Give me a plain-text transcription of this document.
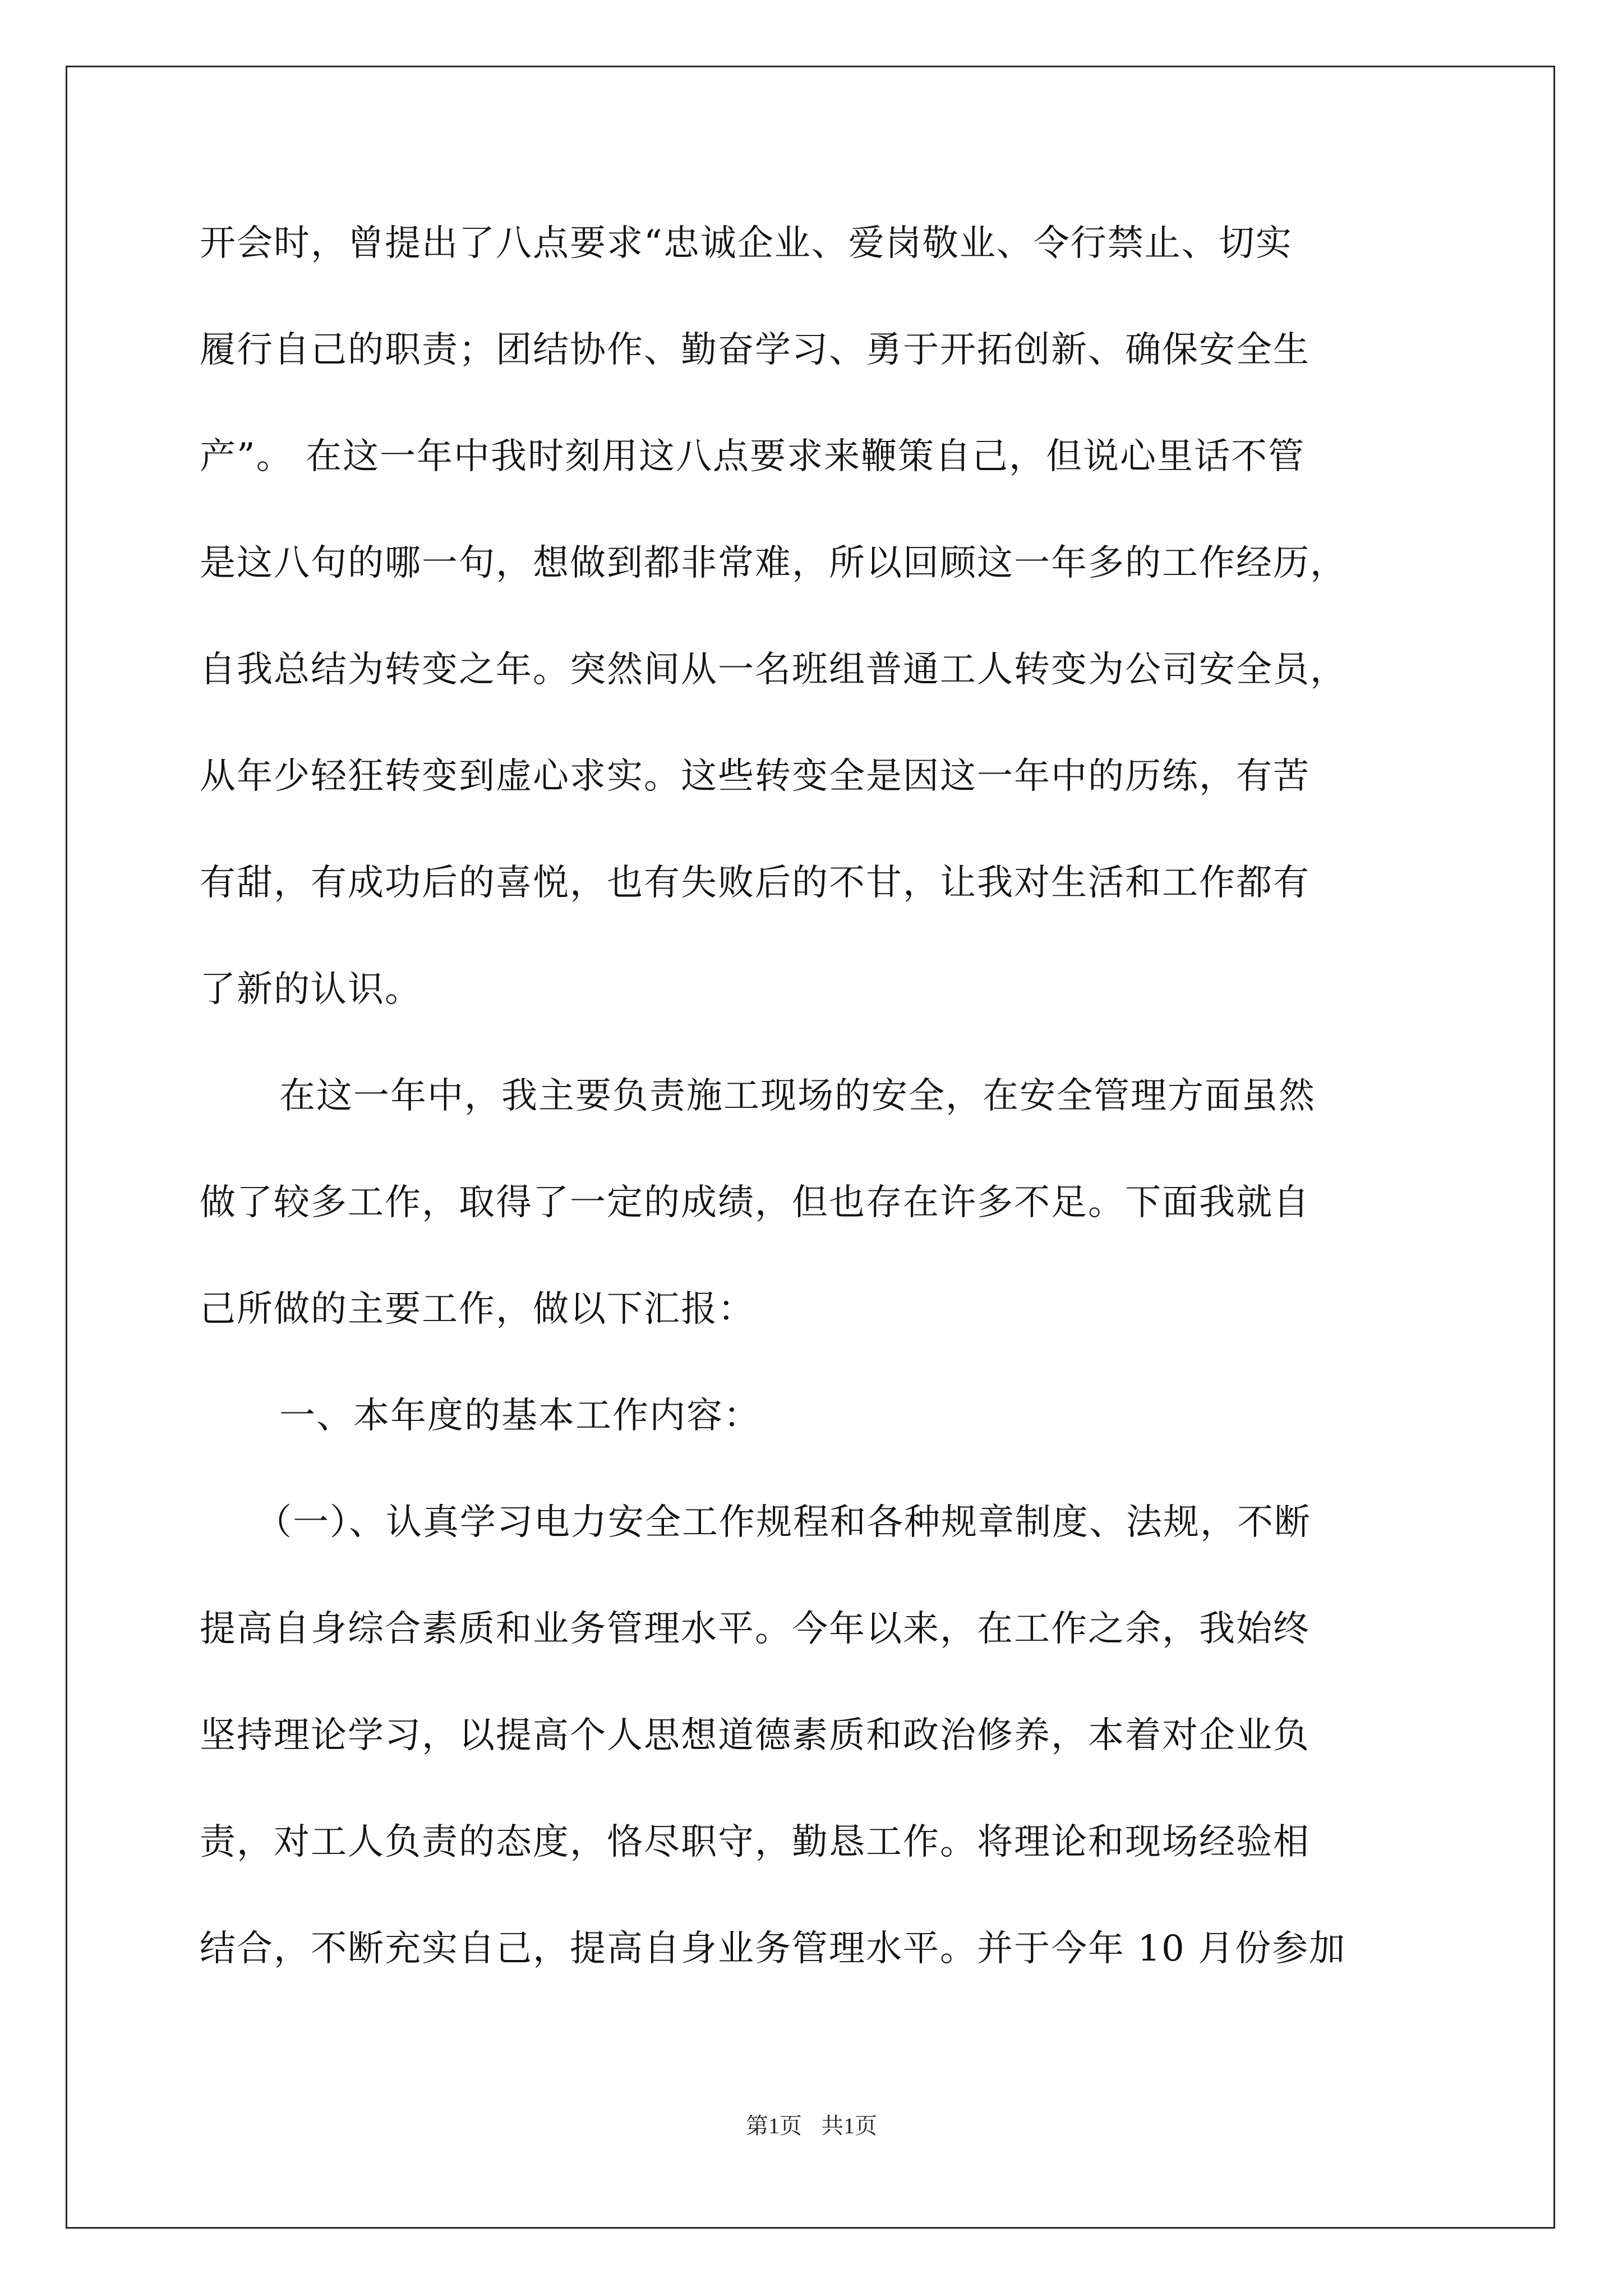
开会时，曾提出了八点要求“忠诚企业、爱岗敬业、令行禁止、切实
履行自己的职责；团结协作、勤奋学习、勇于开拓创新、确保安全生
产”。 在这一年中我时刻用这八点要求来鞭策自己，但说心里话不管
是这八句的哪一句，想做到都非常难，所以回顾这一年多的工作经历，
自我总结为转变之年。突然间从一名班组普通工人转变为公司安全员，
从年少轻狂转变到虚心求实。这些转变全是因这一年中的历练，有苦
有甜，有成功后的喜悦，也有失败后的不甘，让我对生活和工作都有
了新的认识。
在这一年中，我主要负责施工现场的安全，在安全管理方面虽然
做了较多工作，取得了一定的成绩，但也存在许多不足。下面我就自
己所做的主要工作，做以下汇报：
一、本年度的基本工作内容：
（一）、认真学习电力安全工作规程和各种规章制度、法规，不断
提高自身综合素质和业务管理水平。今年以来，在工作之余，我始终
坚持理论学习，以提高个人思想道德素质和政治修养，本着对企业负
责，对工人负责的态度，恪尽职守，勤恳工作。将理论和现场经验相
结合，不断充实自己，提高自身业务管理水平。并于今年 10 月份参加
第1页 共1页
